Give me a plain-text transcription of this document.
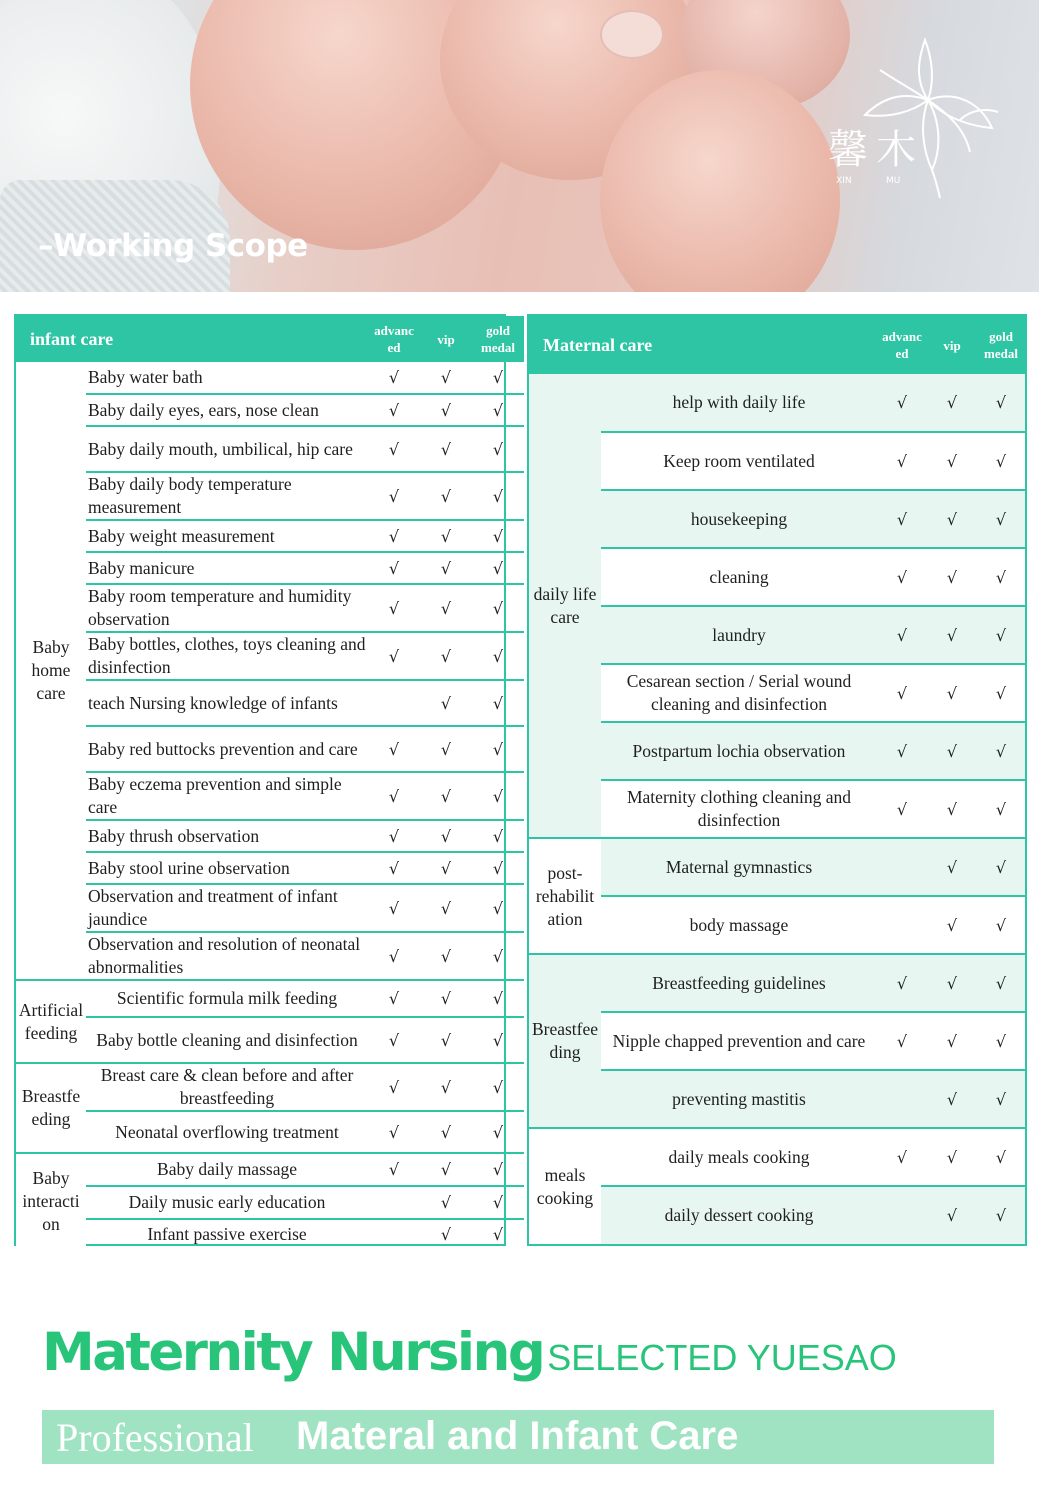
–Working Scope
馨木
XIN	MU
infant care		advanc ed	vip	gold medal
Baby home care	Baby water bath	√	√	√
	Baby daily eyes, ears, nose clean	√	√	√
	Baby daily mouth, umbilical, hip care	√	√	√
	Baby daily body temperature measurement	√	√	√
	Baby weight measurement	√	√	√
	Baby manicure	√	√	√
	Baby room temperature and humidity observation	√	√	√
	Baby bottles, clothes, toys cleaning and disinfection	√	√	√
	teach Nursing knowledge of infants		√	√
	Baby red buttocks prevention and care	√	√	√
	Baby eczema prevention and simple care	√	√	√
	Baby thrush observation	√	√	√
	Baby stool urine observation	√	√	√
	Observation and treatment of infant jaundice	√	√	√
	Observation and resolution of neonatal abnormalities	√	√	√
Artificial feeding	Scientific formula milk feeding	√	√	√
	Baby bottle cleaning and disinfection	√	√	√
Breastfe eding	Breast care & clean before and after breastfeeding	√	√	√
	Neonatal overflowing treatment	√	√	√
Baby interacti on	Baby daily massage	√	√	√
	Daily music early education		√	√
	Infant passive exercise		√	√
Maternal care		advanc ed	vip	gold medal
daily life care	help with daily life	√	√	√
	Keep room ventilated	√	√	√
	housekeeping	√	√	√
	cleaning	√	√	√
	laundry	√	√	√
	Cesarean section / Serial wound cleaning and disinfection	√	√	√
	Postpartum lochia observation	√	√	√
	Maternity clothing cleaning and disinfection	√	√	√
post-rehabilit ation	Maternal gymnastics		√	√
	body massage		√	√
Breastfee ding	Breastfeeding guidelines	√	√	√
	Nipple chapped prevention and care	√	√	√
	preventing mastitis		√	√
meals cooking	daily meals cooking	√	√	√
	daily dessert cooking		√	√
Maternity Nursing SELECTED YUESAO
Professional Materal and Infant Care
